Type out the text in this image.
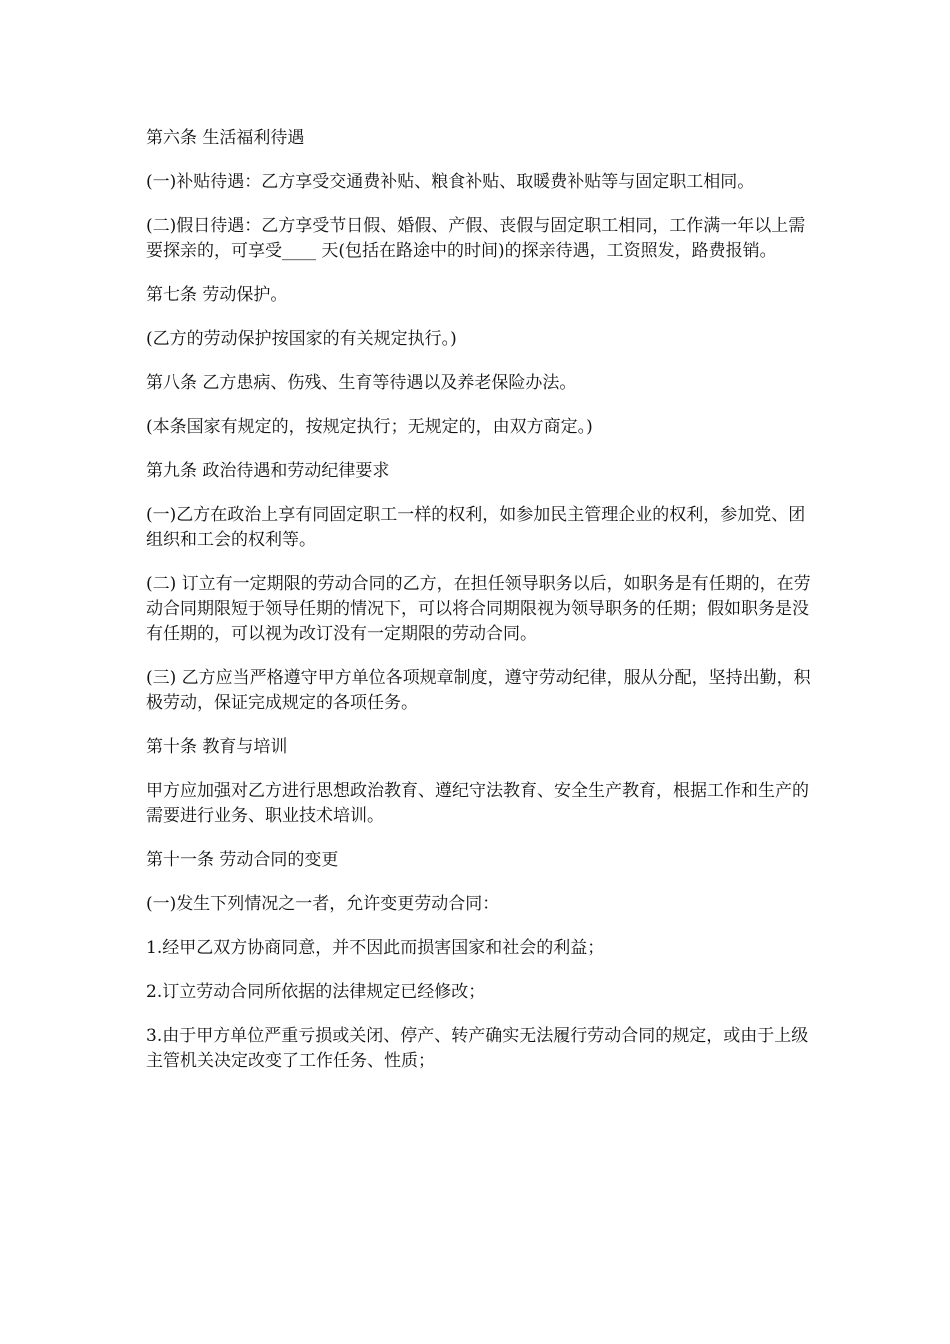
第六条 生活福利待遇

(一)补贴待遇：乙方享受交通费补贴、粮食补贴、取暖费补贴等与固定职工相同。

(二)假日待遇：乙方享受节日假、婚假、产假、丧假与固定职工相同，工作满一年以上需要探亲的，可享受____ 天(包括在路途中的时间)的探亲待遇，工资照发，路费报销。

第七条 劳动保护。

(乙方的劳动保护按国家的有关规定执行。)

第八条 乙方患病、伤残、生育等待遇以及养老保险办法。

(本条国家有规定的，按规定执行；无规定的，由双方商定。)

第九条 政治待遇和劳动纪律要求

(一)乙方在政治上享有同固定职工一样的权利，如参加民主管理企业的权利，参加党、团组织和工会的权利等。

(二) 订立有一定期限的劳动合同的乙方，在担任领导职务以后，如职务是有任期的，在劳动合同期限短于领导任期的情况下，可以将合同期限视为领导职务的任期；假如职务是没有任期的，可以视为改订没有一定期限的劳动合同。

(三) 乙方应当严格遵守甲方单位各项规章制度，遵守劳动纪律，服从分配，坚持出勤，积极劳动，保证完成规定的各项任务。

第十条 教育与培训

甲方应加强对乙方进行思想政治教育、遵纪守法教育、安全生产教育，根据工作和生产的需要进行业务、职业技术培训。

第十一条 劳动合同的变更

(一)发生下列情况之一者，允许变更劳动合同：

1.经甲乙双方协商同意，并不因此而损害国家和社会的利益；

2.订立劳动合同所依据的法律规定已经修改；

3.由于甲方单位严重亏损或关闭、停产、转产确实无法履行劳动合同的规定，或由于上级主管机关决定改变了工作任务、性质；
